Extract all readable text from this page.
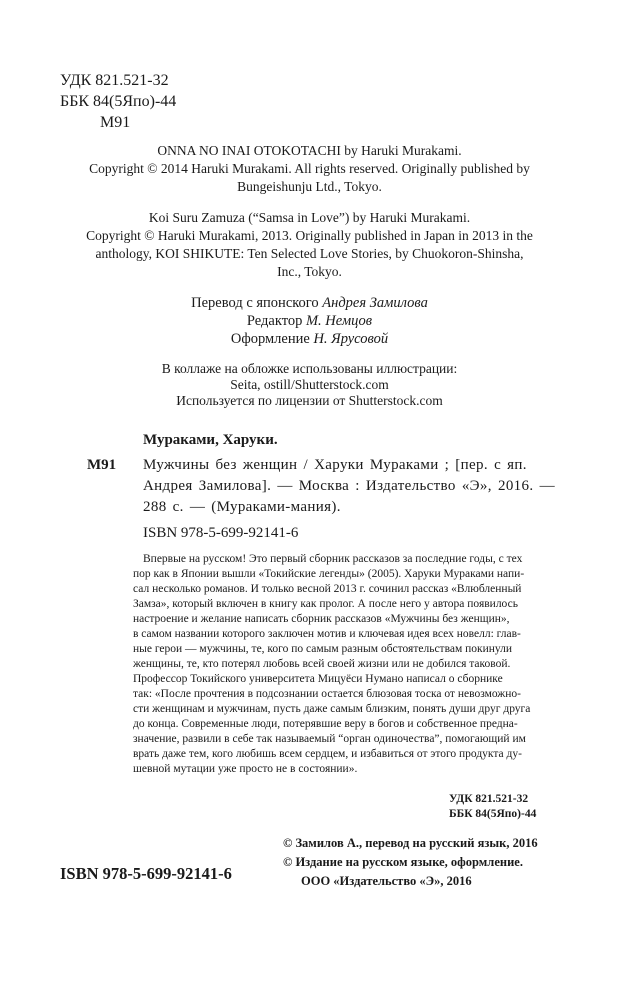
УДК 821.521-32
ББК 84(5Япо)-44
М91
ONNA NO INAI OTOKOTACHI by Haruki Murakami.
Copyright © 2014 Haruki Murakami. All rights reserved. Originally published by
Bungeishunju Ltd., Tokyo.
Koi Suru Zamuza (“Samsa in Love”) by Haruki Murakami.
Copyright © Haruki Murakami, 2013. Originally published in Japan in 2013 in the
anthology, KOI SHIKUTE: Ten Selected Love Stories, by Chuokoron-Shinsha,
Inc., Tokyo.
Перевод с японского Андрея Замилова
Редактор М. Немцов
Оформление Н. Ярусовой
В коллаже на обложке использованы иллюстрации:
Seita, ostill/Shutterstock.com
Используется по лицензии от Shutterstock.com
Мураками, Харуки.
М91 Мужчины без женщин / Харуки Мураками ; [пер. с яп.
Андрея Замилова]. — Москва : Издательство «Э», 2016. —
288 с. — (Мураками-мания).
ISBN 978-5-699-92141-6
Впервые на русском! Это первый сборник рассказов за последние годы, с тех
пор как в Японии вышли «Токийские легенды» (2005). Харуки Мураками напи-
сал несколько романов. И только весной 2013 г. сочинил рассказ «Влюбленный
Замза», который включен в книгу как пролог. А после него у автора появилось
настроение и желание написать сборник рассказов «Мужчины без женщин»,
в самом названии которого заключен мотив и ключевая идея всех новелл: глав-
ные герои — мужчины, те, кого по самым разным обстоятельствам покинули
женщины, те, кто потерял любовь всей своей жизни или не добился таковой.
Профессор Токийского университета Мицуёси Нумано написал о сборнике
так: «После прочтения в подсознании остается блюзовая тоска от невозможно-
сти женщинам и мужчинам, пусть даже самым близким, понять души друг друга
до конца. Современные люди, потерявшие веру в богов и собственное предна-
значение, развили в себе так называемый “орган одиночества”, помогающий им
врать даже тем, кого любишь всем сердцем, и избавиться от этого продукта ду-
шевной мутации уже просто не в состоянии».
УДК 821.521-32
ББК 84(5Япо)-44
© Замилов А., перевод на русский язык, 2016
© Издание на русском языке, оформление.
ООО «Издательство «Э», 2016
ISBN 978-5-699-92141-6
